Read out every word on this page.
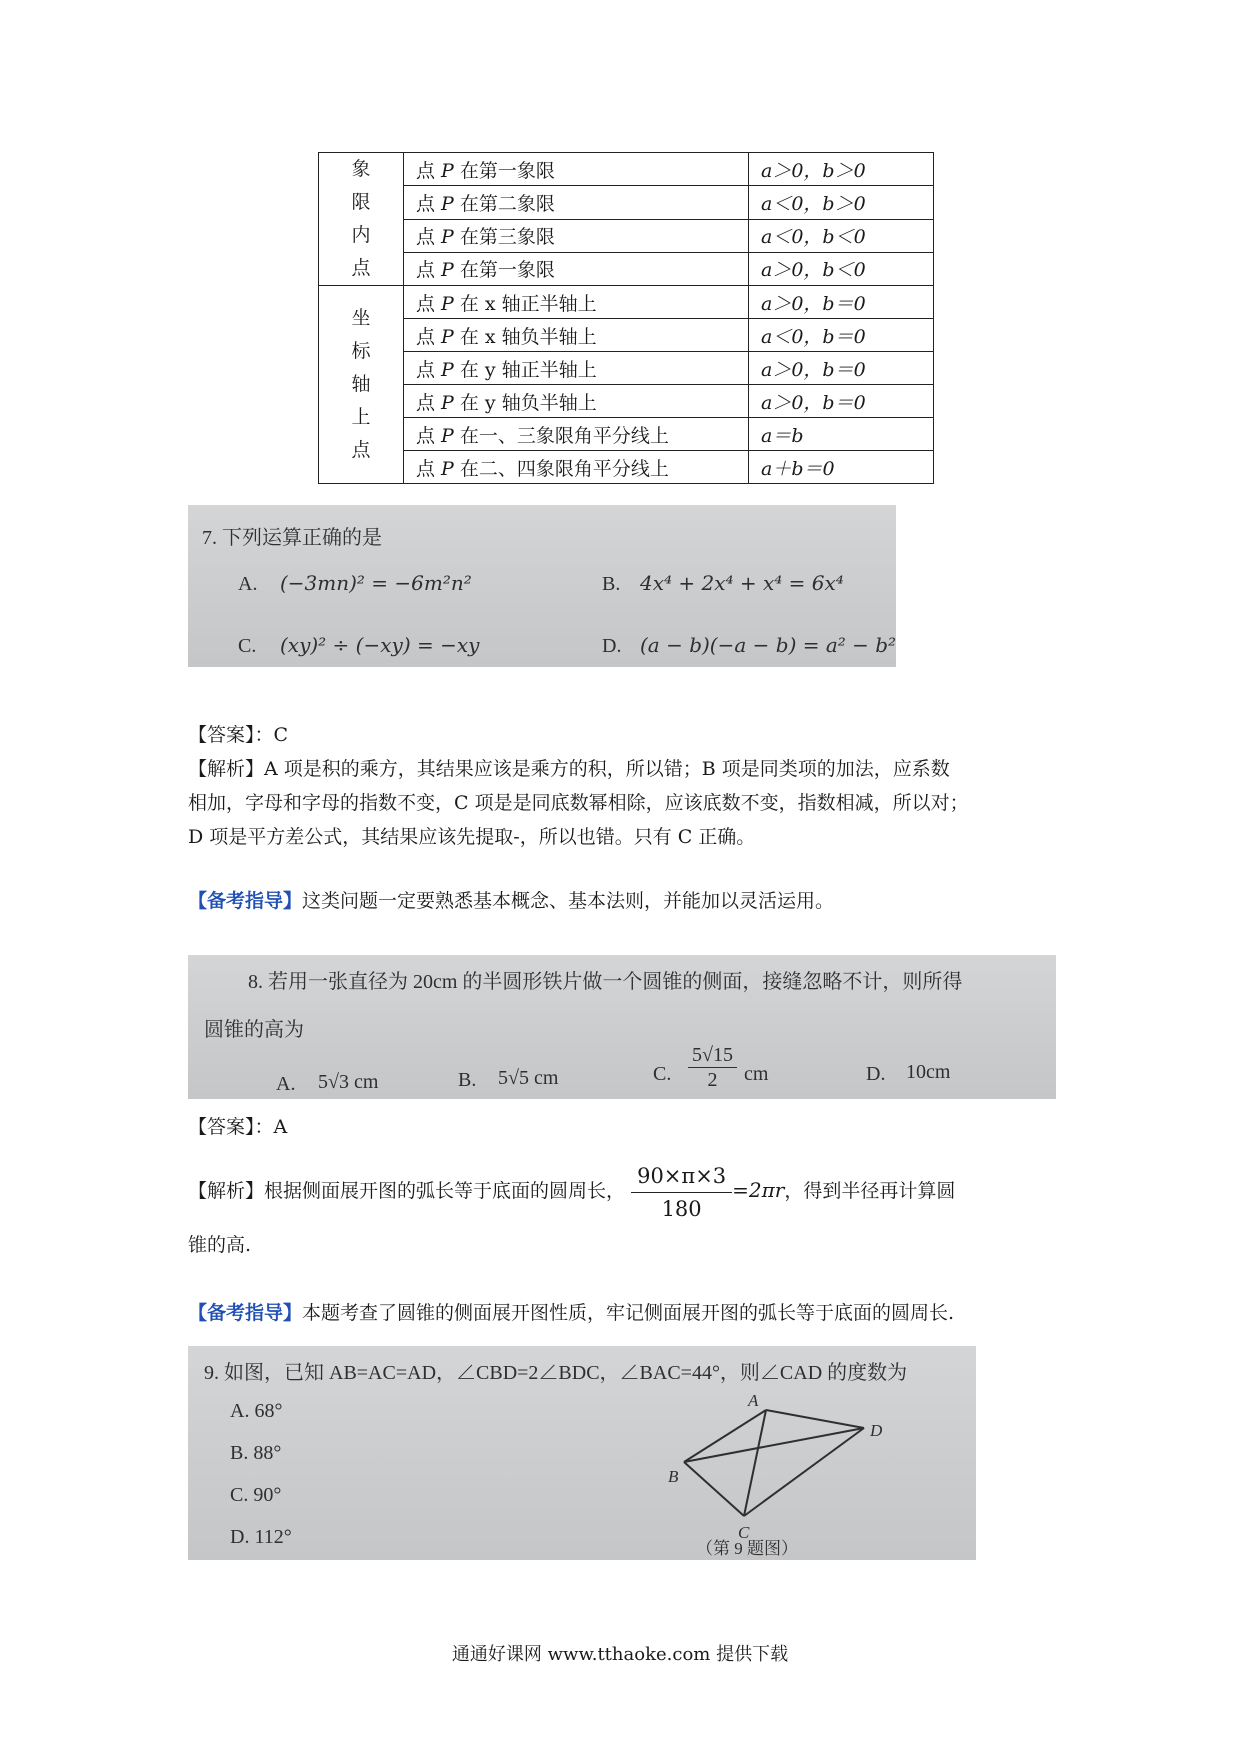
象
限
内
点	点 P 在第一象限	a＞0，b＞0
	点 P 在第二象限	a＜0，b＞0
	点 P 在第三象限	a＜0，b＜0
	点 P 在第一象限	a＞0，b＜0

坐
标
轴
上
点	点 P 在 x 轴正半轴上	a＞0，b＝0
	点 P 在 x 轴负半轴上	a＜0，b＝0
	点 P 在 y 轴正半轴上	a＞0，b＝0
	点 P 在 y 轴负半轴上	a＞0，b＝0
	点 P 在一、三象限角平分线上	a＝b
	点 P 在二、四象限角平分线上	a＋b＝0
7. 下列运算正确的是
A. (−3mn)² = −6m²n²	B. 4x⁴ + 2x⁴ + x⁴ = 6x⁴
C. (xy)² ÷ (−xy) = −xy	D. (a − b)(−a − b) = a² − b²
【答案】：C
【解析】A 项是积的乘方，其结果应该是乘方的积，所以错；B 项是同类项的加法，应系数
相加，字母和字母的指数不变，C 项是是同底数幂相除，应该底数不变，指数相减，所以对；
D 项是平方差公式，其结果应该先提取-，所以也错。只有 C 正确。
【备考指导】这类问题一定要熟悉基本概念、基本法则，并能加以灵活运用。
8. 若用一张直径为 20cm 的半圆形铁片做一个圆锥的侧面，接缝忽略不计，则所得
圆锥的高为
A. 5√3 cm	B. 5√5 cm	C. $\frac{5√15}{2}$ cm	D. 10cm
【答案】：A
【解析】根据侧面展开图的弧长等于底面的圆周长， $\frac{90\times\pi\times 3}{180} =2\pi r$，得到半径再计算圆
锥的高.
【备考指导】本题考查了圆锥的侧面展开图性质，牢记侧面展开图的弧长等于底面的圆周长.
9. 如图，已知 AB=AC=AD，∠CBD=2∠BDC，∠BAC=44°，则∠CAD 的度数为
A. 68°
B. 88°
C. 90°
D. 112°
A
B
C
D
（第 9 题图）
通通好课网 www.tthaoke.com 提供下载
